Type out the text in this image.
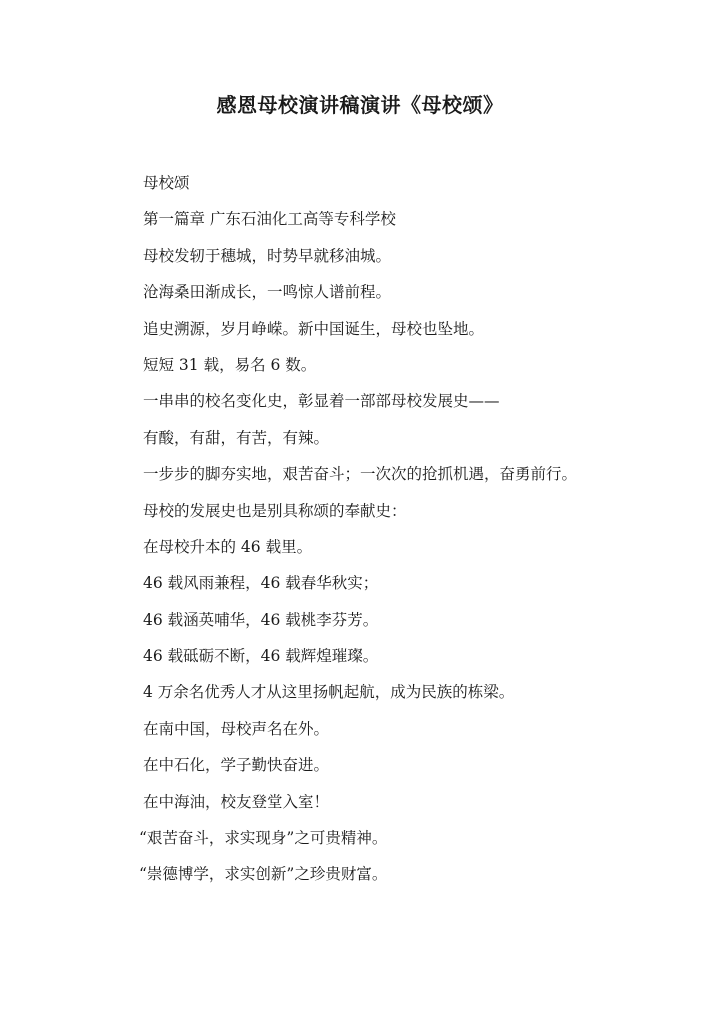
感恩母校演讲稿演讲《母校颂》
母校颂
第一篇章 广东石油化工高等专科学校
母校发轫于穗城，时势早就移油城。
沧海桑田渐成长，一鸣惊人谱前程。
追史溯源，岁月峥嵘。新中国诞生，母校也坠地。
短短 31 载，易名 6 数。
一串串的校名变化史，彰显着一部部母校发展史——
有酸，有甜，有苦，有辣。
一步步的脚夯实地，艰苦奋斗；一次次的抢抓机遇，奋勇前行。
母校的发展史也是别具称颂的奉献史：
在母校升本的 46 载里。
46 载风雨兼程，46 载春华秋实；
46 载涵英哺华，46 载桃李芬芳。
46 载砥砺不断，46 载辉煌璀璨。
4 万余名优秀人才从这里扬帆起航，成为民族的栋梁。
在南中国，母校声名在外。
在中石化，学子勤快奋进。
在中海油，校友登堂入室！
“艰苦奋斗，求实现身”之可贵精神。
“崇德博学，求实创新”之珍贵财富。
